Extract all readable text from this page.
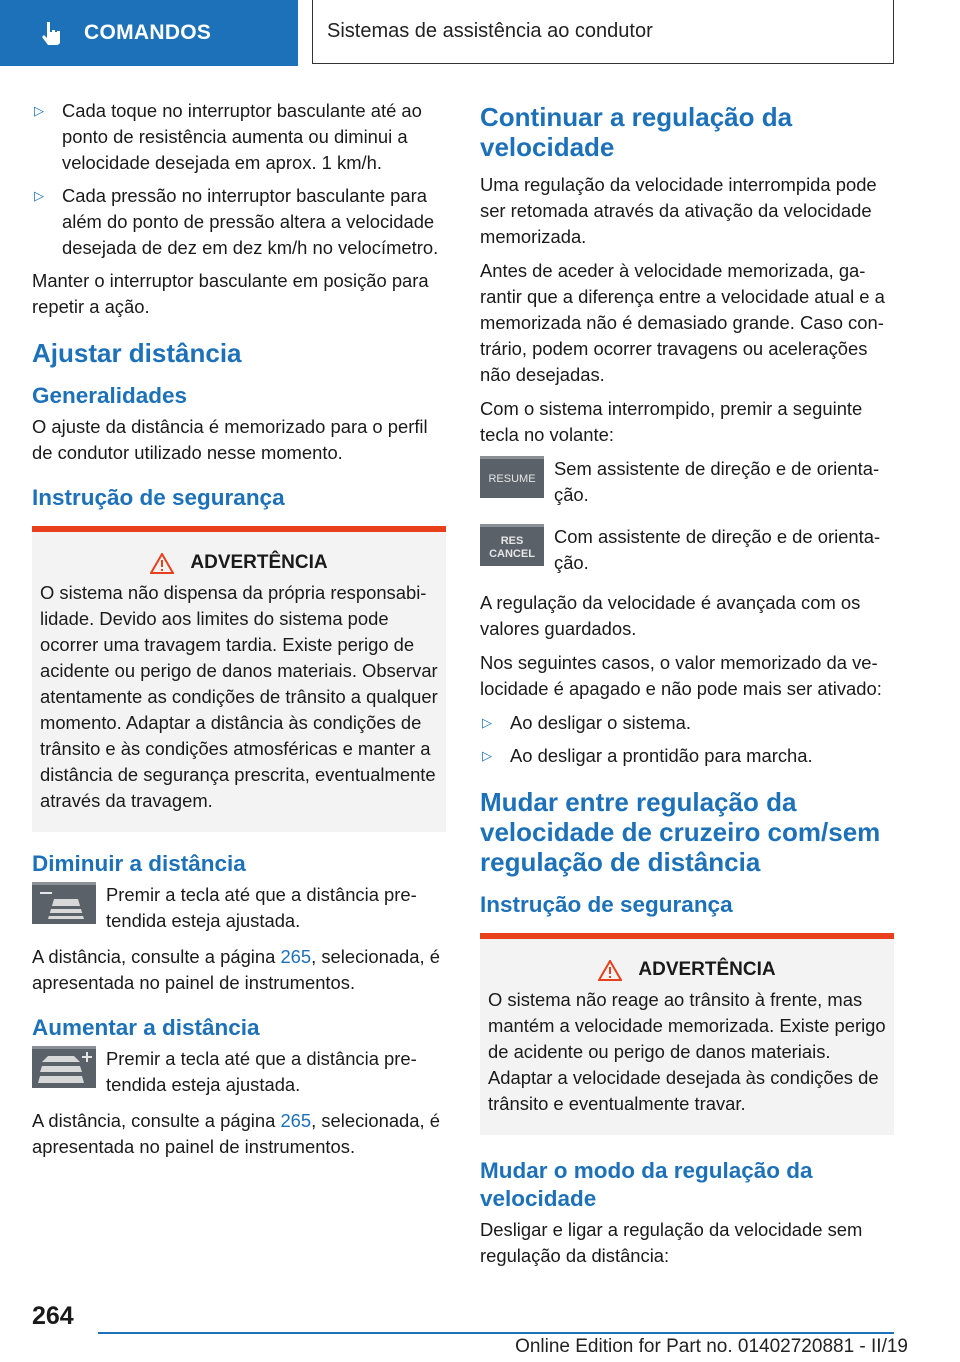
COMANDOS	Sistemas de assistência ao condutor
▷ Cada toque no interruptor basculante até ao ponto de resistência aumenta ou diminui a velocidade desejada em aprox. 1 km/h.
▷ Cada pressão no interruptor basculante para além do ponto de pressão altera a velocidade desejada de dez em dez km/h no velocímetro.

Manter o interruptor basculante em posição para repetir a ação.

Ajustar distância
Generalidades

O ajuste da distância é memorizado para o perfil de condutor utilizado nesse momento.

Instrução de segurança
ADVERTÊNCIA
O sistema não dispensa da própria responsabilidade. Devido aos limites do sistema pode ocorrer uma travagem tardia. Existe perigo de acidente ou perigo de danos materiais. Observar atentamente as condições de trânsito a qualquer momento. Adaptar a distância às condições de trânsito e às condições atmosféricas e manter a distância de segurança prescrita, eventualmente através da travagem.
Diminuir a distância
Premir a tecla até que a distância pretendida esteja ajustada.

A distância, consulte a página 265, selecionada, é apresentada no painel de instrumentos.

Aumentar a distância
Premir a tecla até que a distância pretendida esteja ajustada.

A distância, consulte a página 265, selecionada, é apresentada no painel de instrumentos.

Continuar a regulação da velocidade

Uma regulação da velocidade interrompida pode ser retomada através da ativação da velocidade memorizada.

Antes de aceder à velocidade memorizada, garantir que a diferença entre a velocidade atual e a memorizada não é demasiado grande. Caso contrário, podem ocorrer travagens ou acelerações não desejadas.

Com o sistema interrompido, premir a seguinte tecla no volante:

RESUME Sem assistente de direção e de orientação.
RES
CANCEL
Com assistente de direção e de orientação.

A regulação da velocidade é avançada com os valores guardados.

Nos seguintes casos, o valor memorizado da velocidade é apagado e não pode mais ser ativado:

▷ Ao desligar o sistema.
▷ Ao desligar a prontidão para marcha.
Mudar entre regulação da velocidade de cruzeiro com/sem regulação de distância
Instrução de segurança
ADVERTÊNCIA
O sistema não reage ao trânsito à frente, mas mantém a velocidade memorizada. Existe perigo de acidente ou perigo de danos materiais. Adaptar a velocidade desejada às condições de trânsito e eventualmente travar.
Mudar o modo da regulação da velocidade

Desligar e ligar a regulação da velocidade sem regulação da distância:

264
Online Edition for Part no. 01402720881 - II/19
